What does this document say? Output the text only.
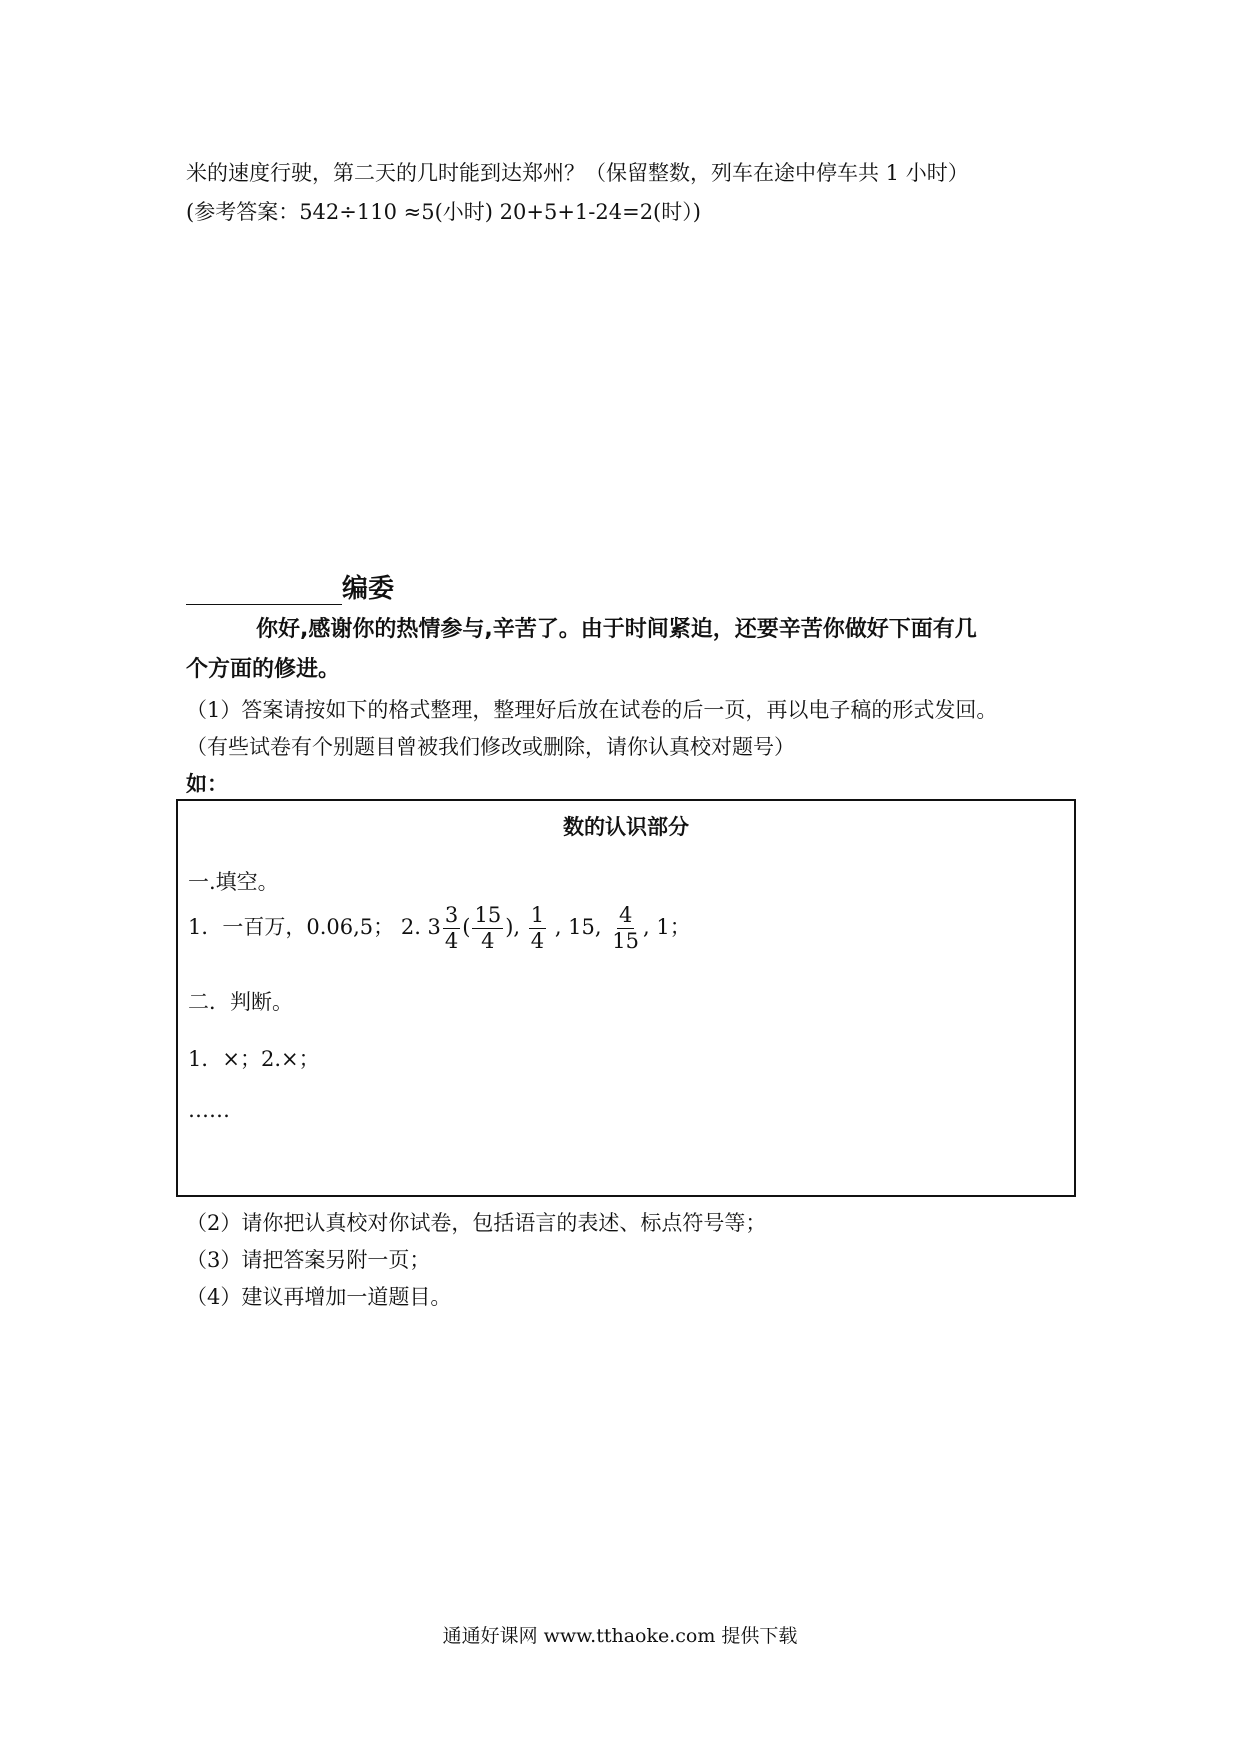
米的速度行驶，第二天的几时能到达郑州？（保留整数，列车在途中停车共 1 小时）
(参考答案：542÷110 ≈5(小时) 20+5+1-24=2(时）)
编委
你好,感谢你的热情参与,辛苦了。由于时间紧迫，还要辛苦你做好下面有几
个方面的修进。
（1）答案请按如下的格式整理，整理好后放在试卷的后一页，再以电子稿的形式发回。
（有些试卷有个别题目曾被我们修改或删除，请你认真校对题号）
如：
数的认识部分
一.填空。
1．一百万，0.06,5； 2. $3 \frac{3}{4}$ ( $\frac{15}{4}$ ), $\frac{1}{4}$ , 15, $\frac{4}{15}$ , 1；
二．判断。
1．×；2.×；
……
（2）请你把认真校对你试卷，包括语言的表述、标点符号等；
（3）请把答案另附一页；
（4）建议再增加一道题目。
通通好课网 www.tthaoke.com 提供下载
